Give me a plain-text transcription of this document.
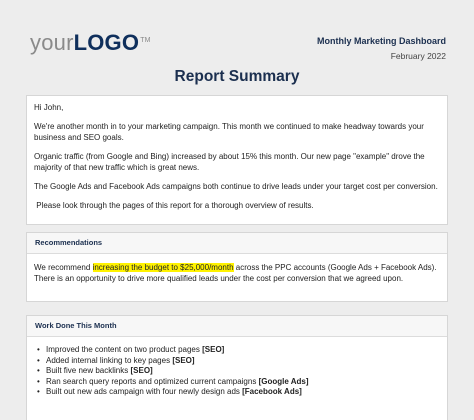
yourLOGO™	Monthly Marketing Dashboard
February 2022
Report Summary

Hi John,

We're another month in to your marketing campaign. This month we continued to make headway towards your business and SEO goals.

Organic traffic (from Google and Bing) increased by about 15% this month. Our new page "example" drove the majority of that new traffic which is great news.

The Google Ads and Facebook Ads campaigns both continue to drive leads under your target cost per conversion.

Please look through the pages of this report for a thorough overview of results.

Recommendations
We recommend increasing the budget to $25,000/month across the PPC accounts (Google Ads + Facebook Ads). There is an opportunity to drive more qualified leads under the cost per conversion that we agreed upon.
Work Done This Month
• Improved the content on two product pages [SEO]
• Added internal linking to key pages [SEO]
• Built five new backlinks [SEO]
• Ran search query reports and optimized current campaigns [Google Ads]
• Built out new ads campaign with four newly design ads [Facebook Ads]
